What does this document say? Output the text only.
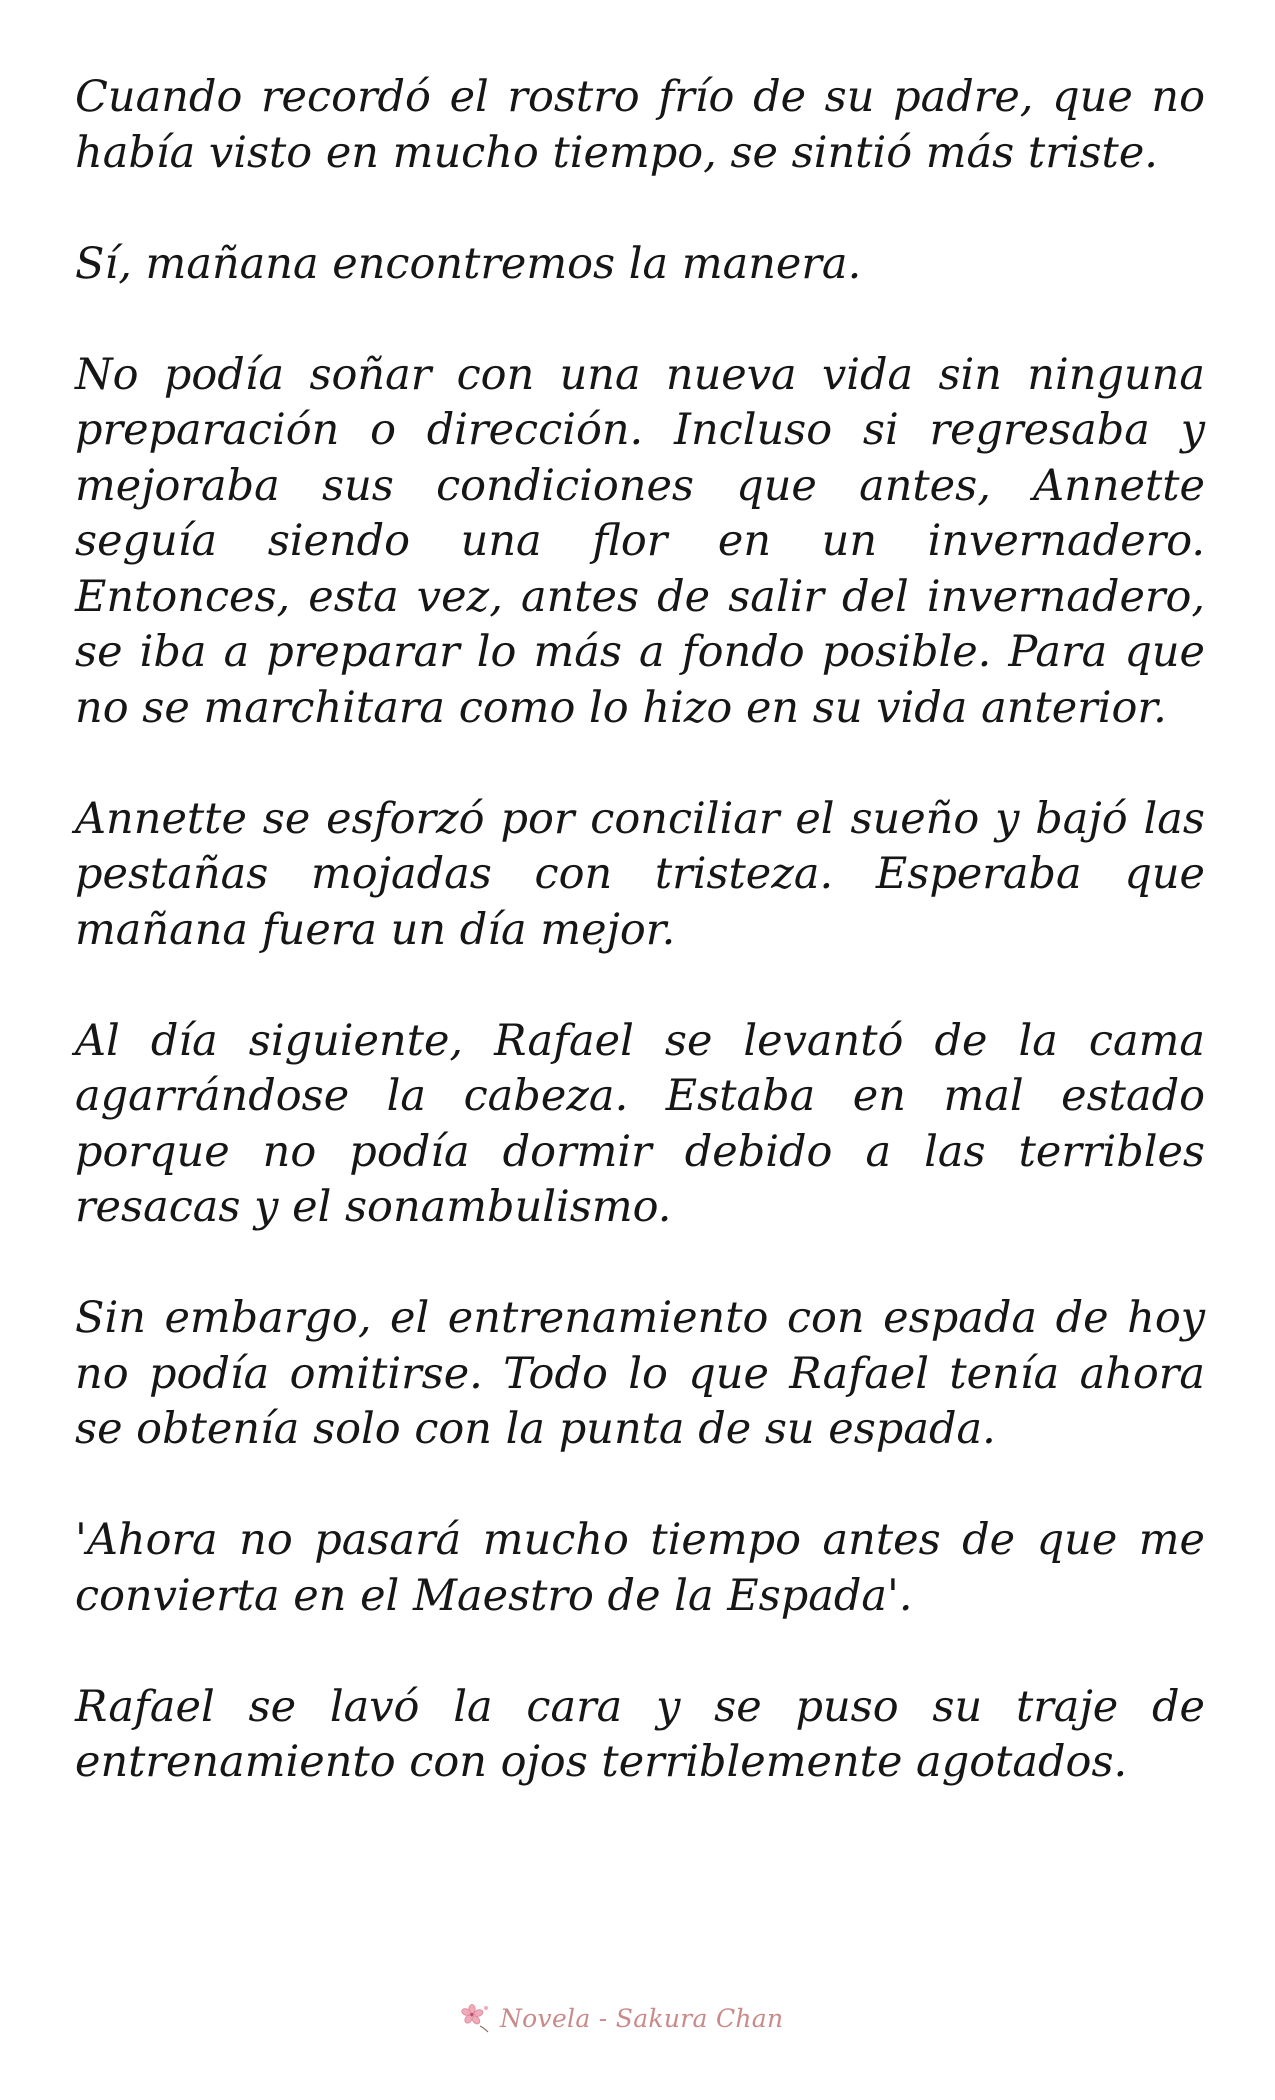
Cuando recordó el rostro frío de su padre, que no había visto en mucho tiempo, se sintió más triste.

Sí, mañana encontremos la manera.

No podía soñar con una nueva vida sin ninguna preparación o dirección. Incluso si regresaba y mejoraba sus condiciones que antes, Annette seguía siendo una flor en un invernadero. Entonces, esta vez, antes de salir del invernadero, se iba a preparar lo más a fondo posible. Para que no se marchitara como lo hizo en su vida anterior.

Annette se esforzó por conciliar el sueño y bajó las pestañas mojadas con tristeza. Esperaba que mañana fuera un día mejor.

Al día siguiente, Rafael se levantó de la cama agarrándose la cabeza. Estaba en mal estado porque no podía dormir debido a las terribles resacas y el sonambulismo.

Sin embargo, el entrenamiento con espada de hoy no podía omitirse. Todo lo que Rafael tenía ahora se obtenía solo con la punta de su espada.

'Ahora no pasará mucho tiempo antes de que me convierta en el Maestro de la Espada'.

Rafael se lavó la cara y se puso su traje de entrenamiento con ojos terriblemente agotados.

Novela - Sakura Chan
